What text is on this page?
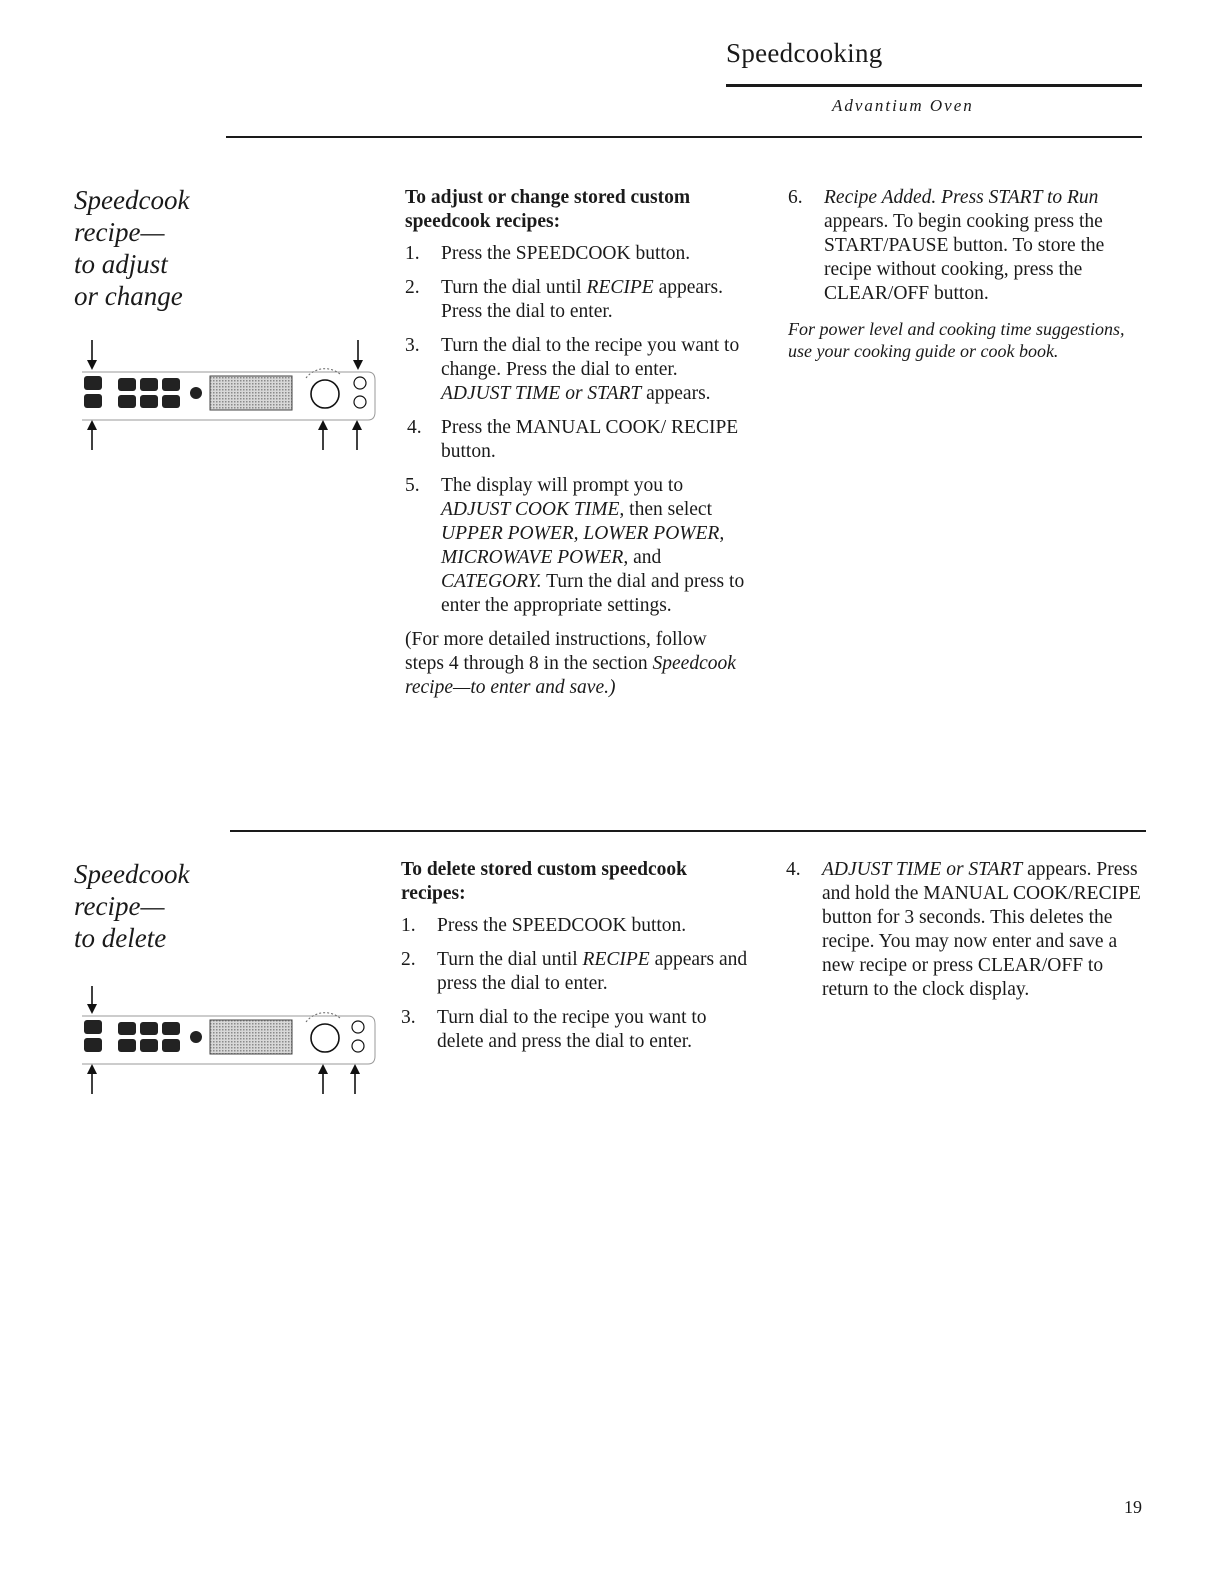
Speedcooking
Advantium Oven
Speedcook
recipe—
to adjust
or change
To adjust or change stored custom speedcook recipes:
1. Press the SPEEDCOOK button.
2. Turn the dial until RECIPE appears. Press the dial to enter.
3. Turn the dial to the recipe you want to change. Press the dial to enter. ADJUST TIME or START appears.
4. Press the MANUAL COOK/ RECIPE button.
5. The display will prompt you to ADJUST COOK TIME, then select UPPER POWER, LOWER POWER, MICROWAVE POWER, and CATEGORY. Turn the dial and press to enter the appropriate settings.
(For more detailed instructions, follow steps 4 through 8 in the section Speedcook recipe—to enter and save.)
6. Recipe Added. Press START to Run appears. To begin cooking press the START/PAUSE button. To store the recipe without cooking, press the CLEAR/OFF button.
For power level and cooking time suggestions, use your cooking guide or cook book.
Speedcook
recipe—
to delete
To delete stored custom speedcook recipes:
1. Press the SPEEDCOOK button.
2. Turn the dial until RECIPE appears and press the dial to enter.
3. Turn dial to the recipe you want to delete and press the dial to enter.
4. ADJUST TIME or START appears. Press and hold the MANUAL COOK/RECIPE button for 3 seconds. This deletes the recipe. You may now enter and save a new recipe or press CLEAR/OFF to return to the clock display.
19
